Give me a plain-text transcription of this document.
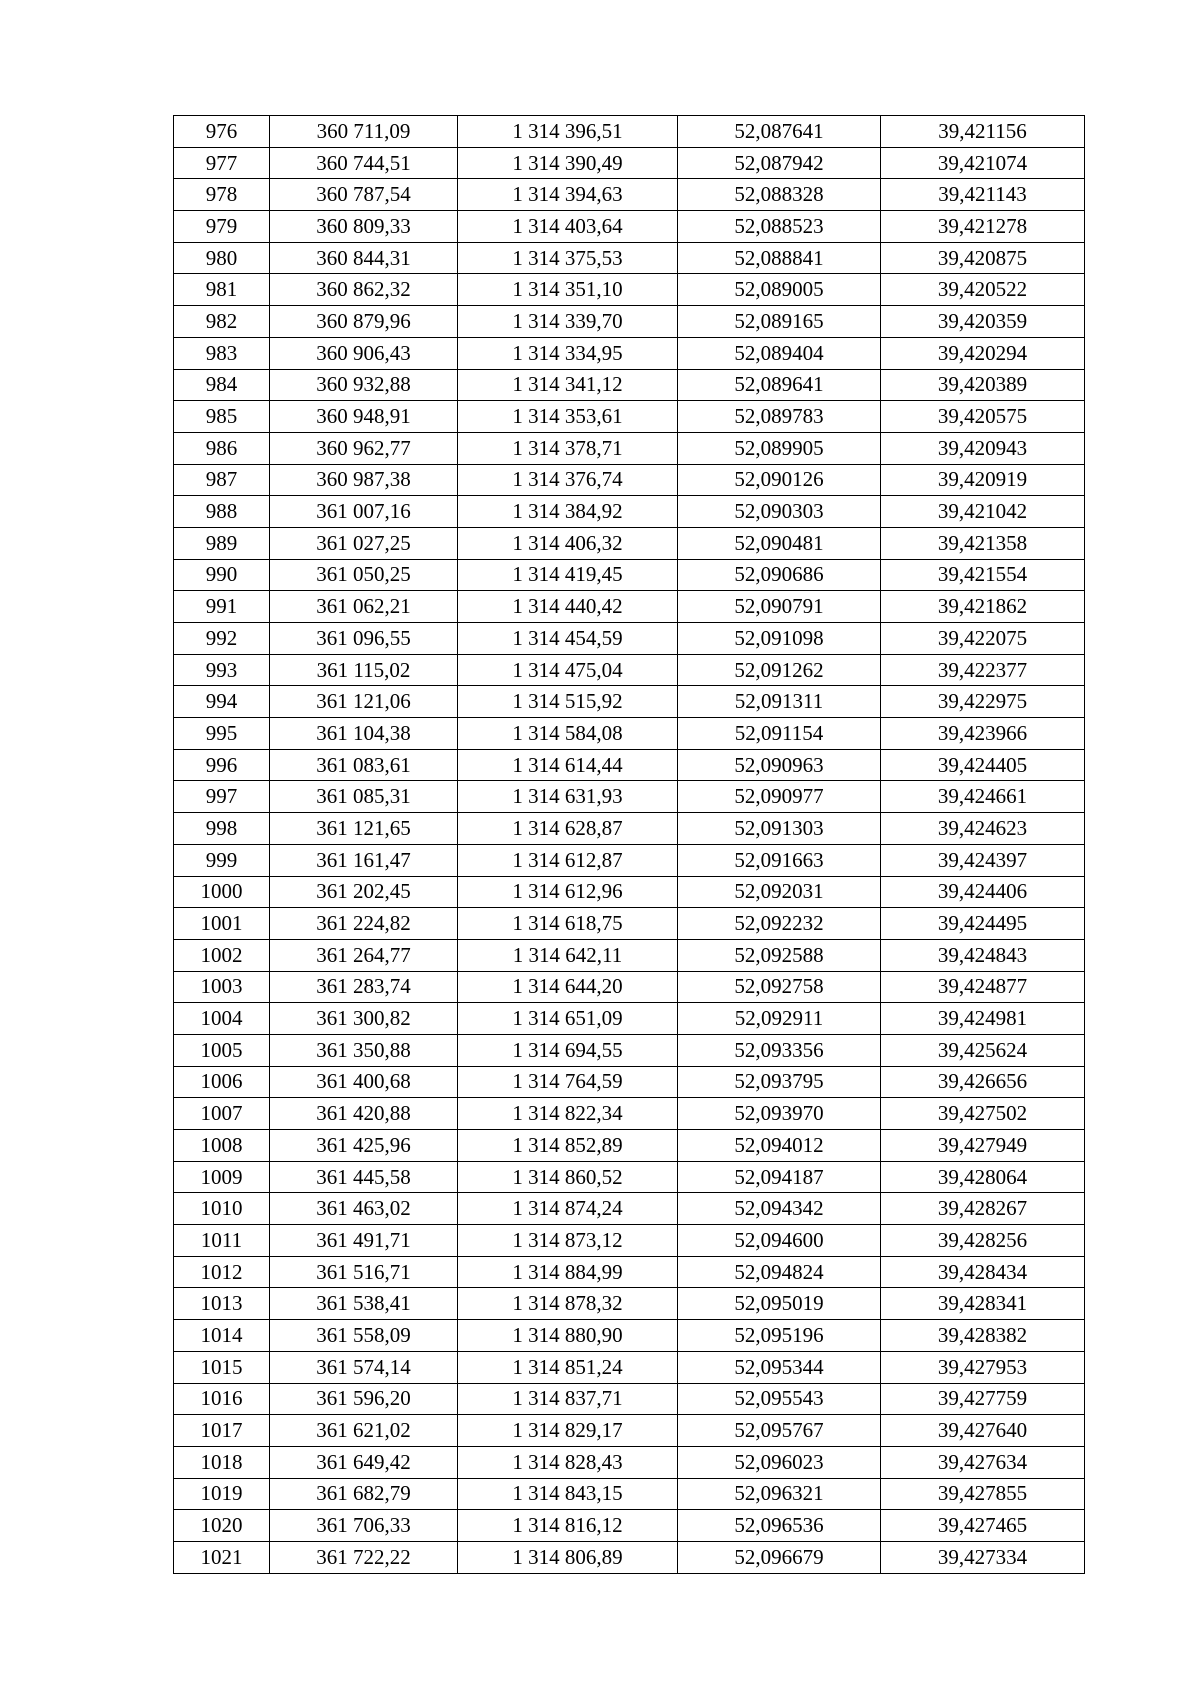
976	360 711,09	1 314 396,51	52,087641	39,421156
977	360 744,51	1 314 390,49	52,087942	39,421074
978	360 787,54	1 314 394,63	52,088328	39,421143
979	360 809,33	1 314 403,64	52,088523	39,421278
980	360 844,31	1 314 375,53	52,088841	39,420875
981	360 862,32	1 314 351,10	52,089005	39,420522
982	360 879,96	1 314 339,70	52,089165	39,420359
983	360 906,43	1 314 334,95	52,089404	39,420294
984	360 932,88	1 314 341,12	52,089641	39,420389
985	360 948,91	1 314 353,61	52,089783	39,420575
986	360 962,77	1 314 378,71	52,089905	39,420943
987	360 987,38	1 314 376,74	52,090126	39,420919
988	361 007,16	1 314 384,92	52,090303	39,421042
989	361 027,25	1 314 406,32	52,090481	39,421358
990	361 050,25	1 314 419,45	52,090686	39,421554
991	361 062,21	1 314 440,42	52,090791	39,421862
992	361 096,55	1 314 454,59	52,091098	39,422075
993	361 115,02	1 314 475,04	52,091262	39,422377
994	361 121,06	1 314 515,92	52,091311	39,422975
995	361 104,38	1 314 584,08	52,091154	39,423966
996	361 083,61	1 314 614,44	52,090963	39,424405
997	361 085,31	1 314 631,93	52,090977	39,424661
998	361 121,65	1 314 628,87	52,091303	39,424623
999	361 161,47	1 314 612,87	52,091663	39,424397
1000	361 202,45	1 314 612,96	52,092031	39,424406
1001	361 224,82	1 314 618,75	52,092232	39,424495
1002	361 264,77	1 314 642,11	52,092588	39,424843
1003	361 283,74	1 314 644,20	52,092758	39,424877
1004	361 300,82	1 314 651,09	52,092911	39,424981
1005	361 350,88	1 314 694,55	52,093356	39,425624
1006	361 400,68	1 314 764,59	52,093795	39,426656
1007	361 420,88	1 314 822,34	52,093970	39,427502
1008	361 425,96	1 314 852,89	52,094012	39,427949
1009	361 445,58	1 314 860,52	52,094187	39,428064
1010	361 463,02	1 314 874,24	52,094342	39,428267
1011	361 491,71	1 314 873,12	52,094600	39,428256
1012	361 516,71	1 314 884,99	52,094824	39,428434
1013	361 538,41	1 314 878,32	52,095019	39,428341
1014	361 558,09	1 314 880,90	52,095196	39,428382
1015	361 574,14	1 314 851,24	52,095344	39,427953
1016	361 596,20	1 314 837,71	52,095543	39,427759
1017	361 621,02	1 314 829,17	52,095767	39,427640
1018	361 649,42	1 314 828,43	52,096023	39,427634
1019	361 682,79	1 314 843,15	52,096321	39,427855
1020	361 706,33	1 314 816,12	52,096536	39,427465
1021	361 722,22	1 314 806,89	52,096679	39,427334
